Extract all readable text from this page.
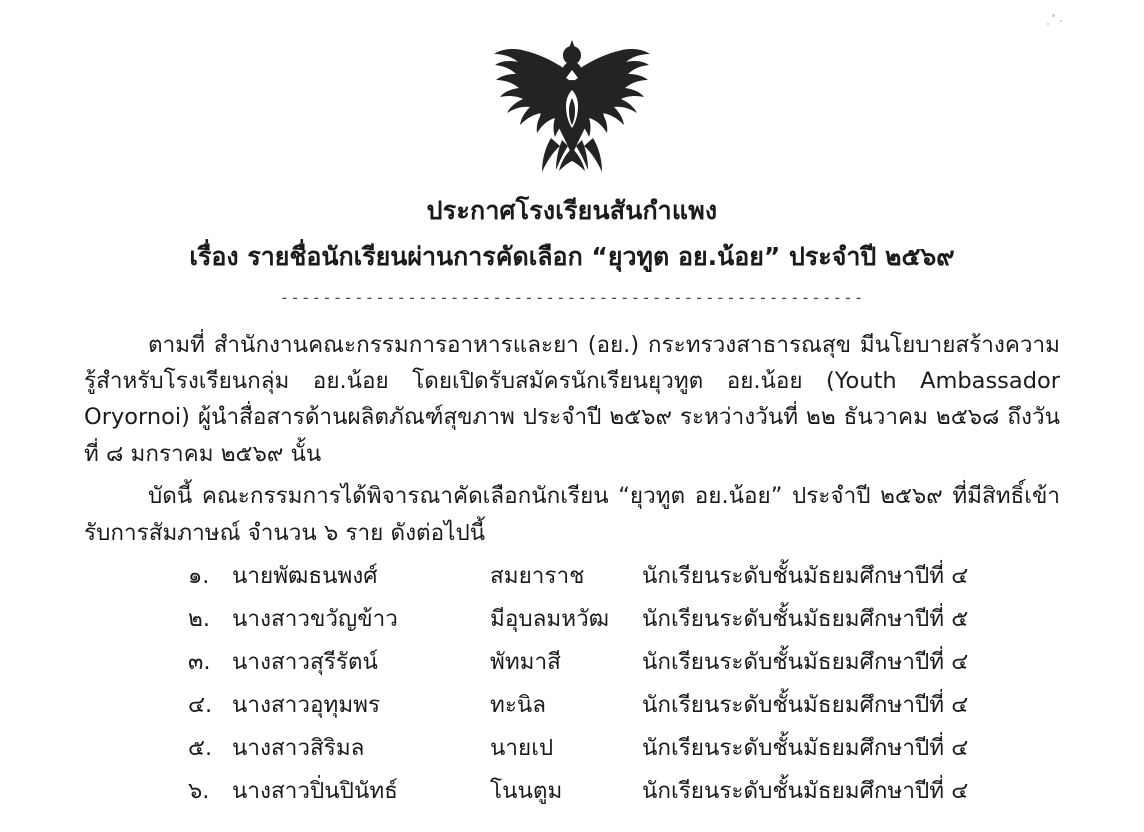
ประกาศโรงเรียนสันกำแพง
เรื่อง รายชื่อนักเรียนผ่านการคัดเลือก “ยุวทูต อย.น้อย” ประจำปี ๒๕๖๙
-------------------------------------------------------

ตามที่ สำนักงานคณะกรรมการอาหารและยา (อย.) กระทรวงสาธารณสุข มีนโยบายสร้างความรู้สำหรับโรงเรียนกลุ่ม อย.น้อย โดยเปิดรับสมัครนักเรียนยุวทูต อย.น้อย (Youth Ambassador Oryornoi) ผู้นำสื่อสารด้านผลิตภัณฑ์สุขภาพ ประจำปี ๒๕๖๙ ระหว่างวันที่ ๒๒ ธันวาคม ๒๕๖๘ ถึงวันที่ ๘ มกราคม ๒๕๖๙ นั้น

บัดนี้ คณะกรรมการได้พิจารณาคัดเลือกนักเรียน “ยุวทูต อย.น้อย” ประจำปี ๒๕๖๙ ที่มีสิทธิ์เข้ารับการสัมภาษณ์ จำนวน ๖ ราย ดังต่อไปนี้

๑.	นายพัฒธนพงศ์	สมยาราช	นักเรียนระดับชั้นมัธยมศึกษาปีที่ ๔
๒. นางสาวขวัญข้าว	มีอุบลมหวัฒ	นักเรียนระดับชั้นมัธยมศึกษาปีที่ ๕
๓. นางสาวสุรีรัตน์	พัทมาสี	นักเรียนระดับชั้นมัธยมศึกษาปีที่ ๔
๔. นางสาวอุทุมพร	ทะนิล	นักเรียนระดับชั้นมัธยมศึกษาปีที่ ๔
๕. นางสาวสิริมล	นายเป	นักเรียนระดับชั้นมัธยมศึกษาปีที่ ๔
๖.	นางสาวปิ่นปินัทธ์	โนนตูม	นักเรียนระดับชั้นมัธยมศึกษาปีที่ ๔
